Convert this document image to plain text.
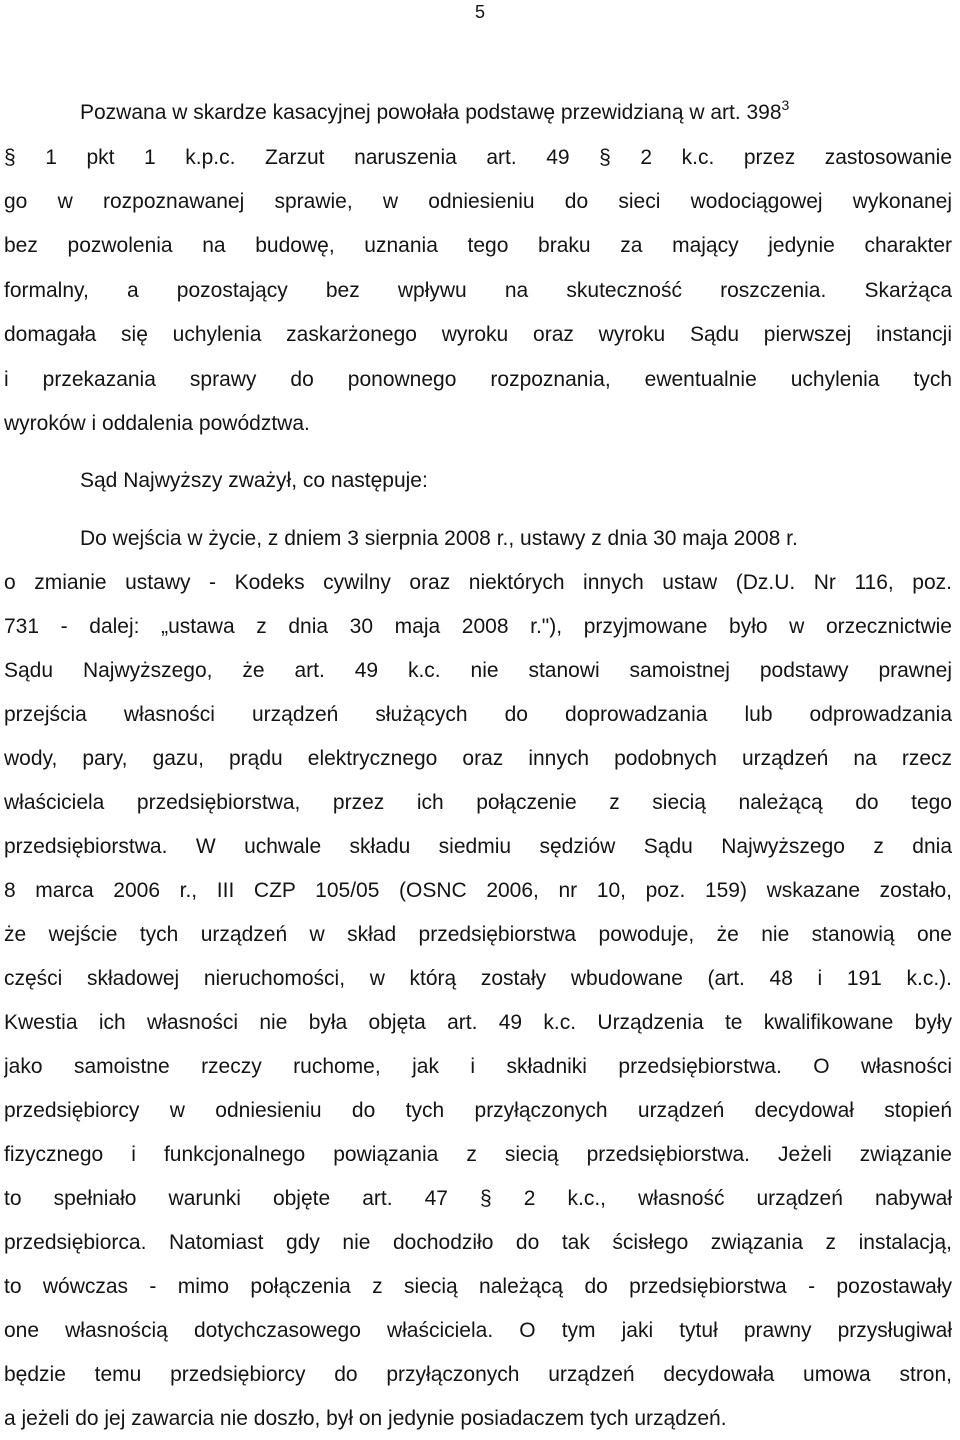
5
Pozwana w skardze kasacyjnej powołała podstawę przewidzianą w art. $398^3$
§ 1 pkt 1 k.p.c. Zarzut naruszenia art. 49 § 2 k.c. przez zastosowanie
go w rozpoznawanej sprawie, w odniesieniu do sieci wodociągowej wykonanej
bez pozwolenia na budowę, uznania tego braku za mający jedynie charakter
formalny, a pozostający bez wpływu na skuteczność roszczenia. Skarżąca
domagała się uchylenia zaskarżonego wyroku oraz wyroku Sądu pierwszej instancji
i przekazania sprawy do ponownego rozpoznania, ewentualnie uchylenia tych
wyroków i oddalenia powództwa.
Sąd Najwyższy zważył, co następuje:
Do wejścia w życie, z dniem 3 sierpnia 2008 r., ustawy z dnia 30 maja 2008 r.
o zmianie ustawy - Kodeks cywilny oraz niektórych innych ustaw (Dz.U. Nr 116, poz.
731 - dalej: „ustawa z dnia 30 maja 2008 r."), przyjmowane było w orzecznictwie
Sądu Najwyższego, że art. 49 k.c. nie stanowi samoistnej podstawy prawnej
przejścia własności urządzeń służących do doprowadzania lub odprowadzania
wody, pary, gazu, prądu elektrycznego oraz innych podobnych urządzeń na rzecz
właściciela przedsiębiorstwa, przez ich połączenie z siecią należącą do tego
przedsiębiorstwa. W uchwale składu siedmiu sędziów Sądu Najwyższego z dnia
8 marca 2006 r., III CZP 105/05 (OSNC 2006, nr 10, poz. 159) wskazane zostało,
że wejście tych urządzeń w skład przedsiębiorstwa powoduje, że nie stanowią one
części składowej nieruchomości, w którą zostały wbudowane (art. 48 i 191 k.c.).
Kwestia ich własności nie była objęta art. 49 k.c. Urządzenia te kwalifikowane były
jako samoistne rzeczy ruchome, jak i składniki przedsiębiorstwa. O własności
przedsiębiorcy w odniesieniu do tych przyłączonych urządzeń decydował stopień
fizycznego i funkcjonalnego powiązania z siecią przedsiębiorstwa. Jeżeli związanie
to spełniało warunki objęte art. 47 § 2 k.c., własność urządzeń nabywał
przedsiębiorca. Natomiast gdy nie dochodziło do tak ścisłego związania z instalacją,
to wówczas - mimo połączenia z siecią należącą do przedsiębiorstwa - pozostawały
one własnością dotychczasowego właściciela. O tym jaki tytuł prawny przysługiwał
będzie temu przedsiębiorcy do przyłączonych urządzeń decydowała umowa stron,
a jeżeli do jej zawarcia nie doszło, był on jedynie posiadaczem tych urządzeń.
